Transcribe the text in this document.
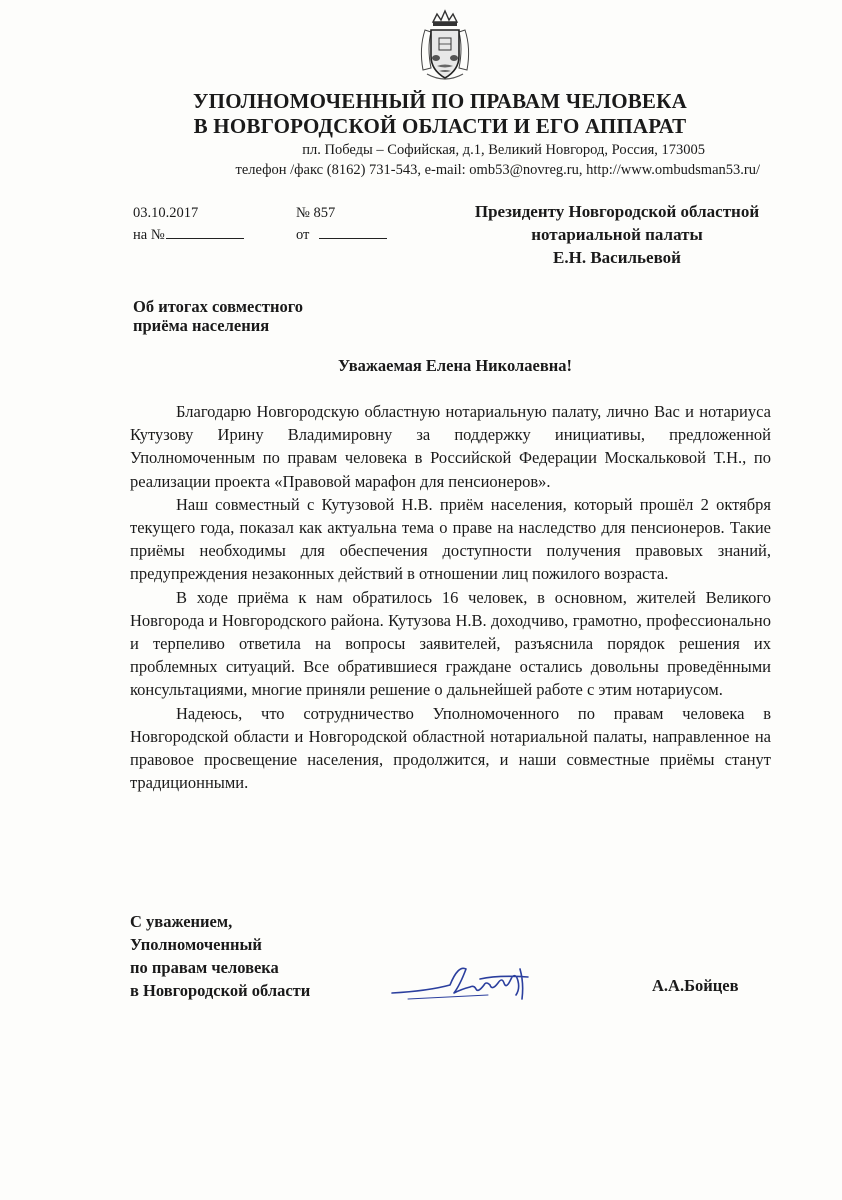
УПОЛНОМОЧЕННЫЙ ПО ПРАВАМ ЧЕЛОВЕКА
В НОВГОРОДСКОЙ ОБЛАСТИ И ЕГО АППАРАТ
пл. Победы – Софийская, д.1, Великий Новгород, Россия, 173005
телефон /факс (8162) 731-543, e-mail: omb53@novreg.ru, http://www.ombudsman53.ru/
03.10.2017
на №
№ 857
от
Президенту Новгородской областной
нотариальной палаты
Е.Н. Васильевой
Об итогах совместного
приёма населения
Уважаемая Елена Николаевна!

Благодарю Новгородскую областную нотариальную палату, лично Вас и нотариуса Кутузову Ирину Владимировну за поддержку инициативы, предложенной Уполномоченным по правам человека в Российской Федерации Москальковой Т.Н., по реализации проекта «Правовой марафон для пенсионеров».

Наш совместный с Кутузовой Н.В. приём населения, который прошёл 2 октября текущего года, показал как актуальна тема о праве на наследство для пенсионеров. Такие приёмы необходимы для обеспечения доступности получения правовых знаний, предупреждения незаконных действий в отношении лиц пожилого возраста.

В ходе приёма к нам обратилось 16 человек, в основном, жителей Великого Новгорода и Новгородского района. Кутузова Н.В. доходчиво, грамотно, профессионально и терпеливо ответила на вопросы заявителей, разъяснила порядок решения их проблемных ситуаций. Все обратившиеся граждане остались довольны проведёнными консультациями, многие приняли решение о дальнейшей работе с этим нотариусом.

Надеюсь, что сотрудничество Уполномоченного по правам человека в Новгородской области и Новгородской областной нотариальной палаты, направленное на правовое просвещение населения, продолжится, и наши совместные приёмы станут традиционными.

С уважением,
Уполномоченный
по правам человека
в Новгородской области	А.А.Бойцев
